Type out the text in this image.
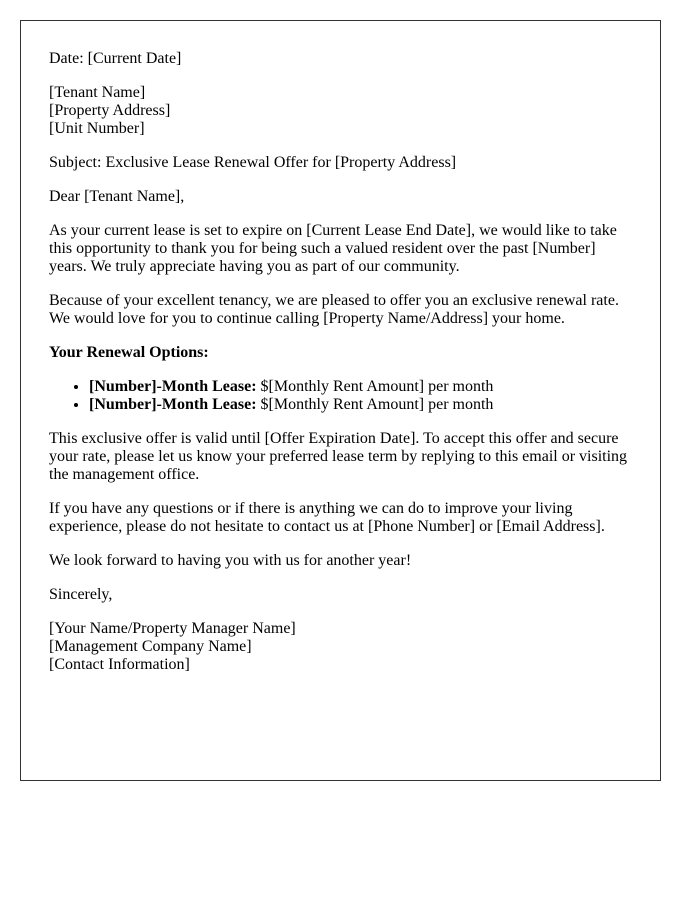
Date: [Current Date]

[Tenant Name]
[Property Address]
[Unit Number]

Subject: Exclusive Lease Renewal Offer for [Property Address]

Dear [Tenant Name],

As your current lease is set to expire on [Current Lease End Date], we would like to take this opportunity to thank you for being such a valued resident over the past [Number] years. We truly appreciate having you as part of our community.

Because of your excellent tenancy, we are pleased to offer you an exclusive renewal rate. We would love for you to continue calling [Property Name/Address] your home.

Your Renewal Options:

• [Number]-Month Lease: $[Monthly Rent Amount] per month
• [Number]-Month Lease: $[Monthly Rent Amount] per month

This exclusive offer is valid until [Offer Expiration Date]. To accept this offer and secure your rate, please let us know your preferred lease term by replying to this email or visiting the management office.

If you have any questions or if there is anything we can do to improve your living experience, please do not hesitate to contact us at [Phone Number] or [Email Address].

We look forward to having you with us for another year!

Sincerely,

[Your Name/Property Manager Name]
[Management Company Name]
[Contact Information]
